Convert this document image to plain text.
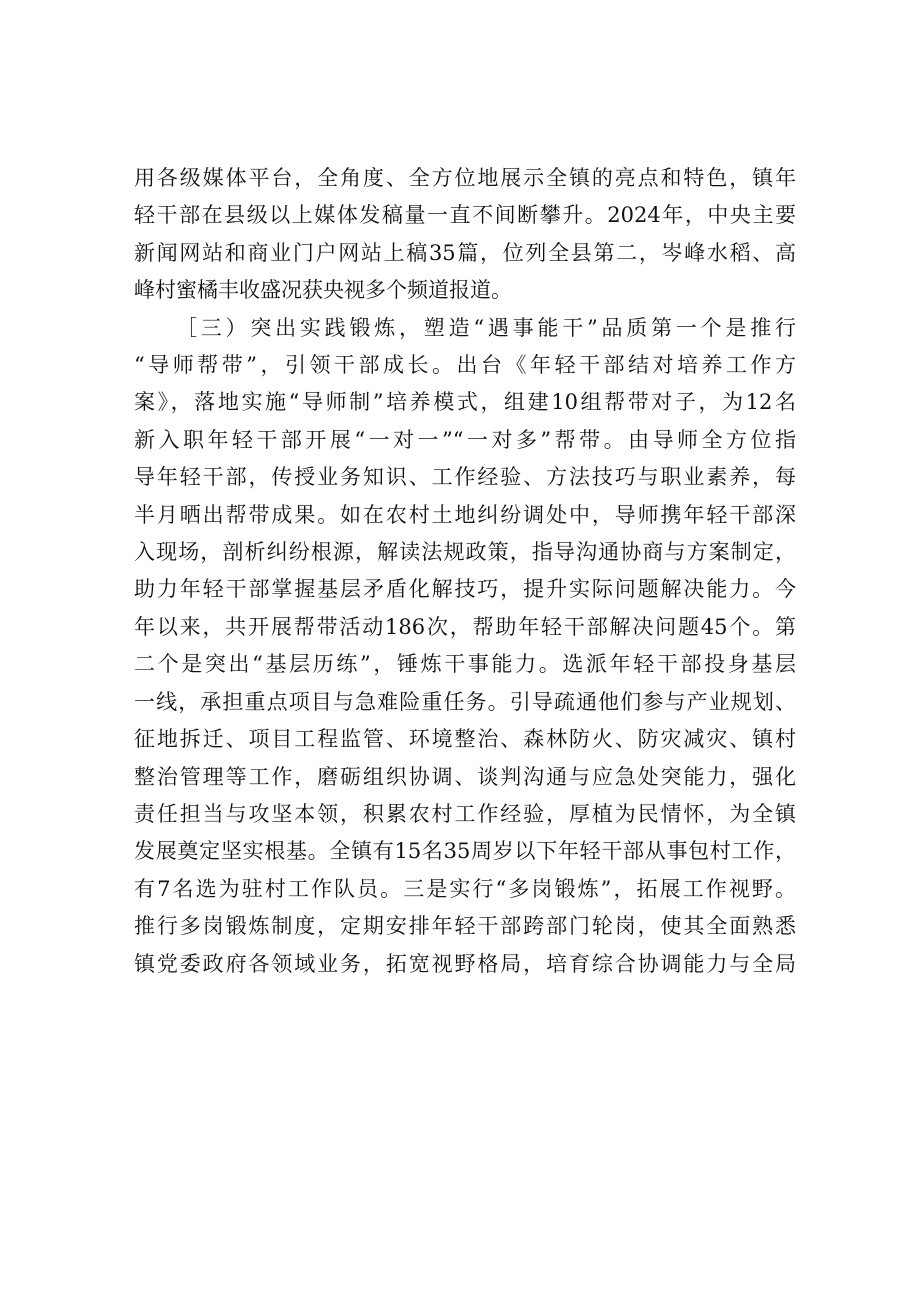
用各级媒体平台，全角度、全方位地展示全镇的亮点和特色，镇年
轻干部在县级以上媒体发稿量一直不间断攀升。2024年，中央主要
新闻网站和商业门户网站上稿35篇，位列全县第二，岑峰水稻、高
峰村蜜橘丰收盛况获央视多个频道报道。

［三）突出实践锻炼，塑造“遇事能干”品质第一个是推行
“导师帮带”，引领干部成长。出台《年轻干部结对培养工作方
案》，落地实施“导师制”培养模式，组建10组帮带对子，为12名
新入职年轻干部开展“一对一”“一对多”帮带。由导师全方位指
导年轻干部，传授业务知识、工作经验、方法技巧与职业素养，每
半月晒出帮带成果。如在农村土地纠纷调处中，导师携年轻干部深
入现场，剖析纠纷根源，解读法规政策，指导沟通协商与方案制定，
助力年轻干部掌握基层矛盾化解技巧，提升实际问题解决能力。今
年以来，共开展帮带活动186次，帮助年轻干部解决问题45个。第
二个是突出“基层历练”，锤炼干事能力。选派年轻干部投身基层
一线，承担重点项目与急难险重任务。引导疏通他们参与产业规划、
征地拆迁、项目工程监管、环境整治、森林防火、防灾减灾、镇村
整治管理等工作，磨砺组织协调、谈判沟通与应急处突能力，强化
责任担当与攻坚本领，积累农村工作经验，厚植为民情怀，为全镇
发展奠定坚实根基。全镇有15名35周岁以下年轻干部从事包村工作，
有7名选为驻村工作队员。三是实行“多岗锻炼”，拓展工作视野。
推行多岗锻炼制度，定期安排年轻干部跨部门轮岗，使其全面熟悉
镇党委政府各领域业务，拓宽视野格局，培育综合协调能力与全局
